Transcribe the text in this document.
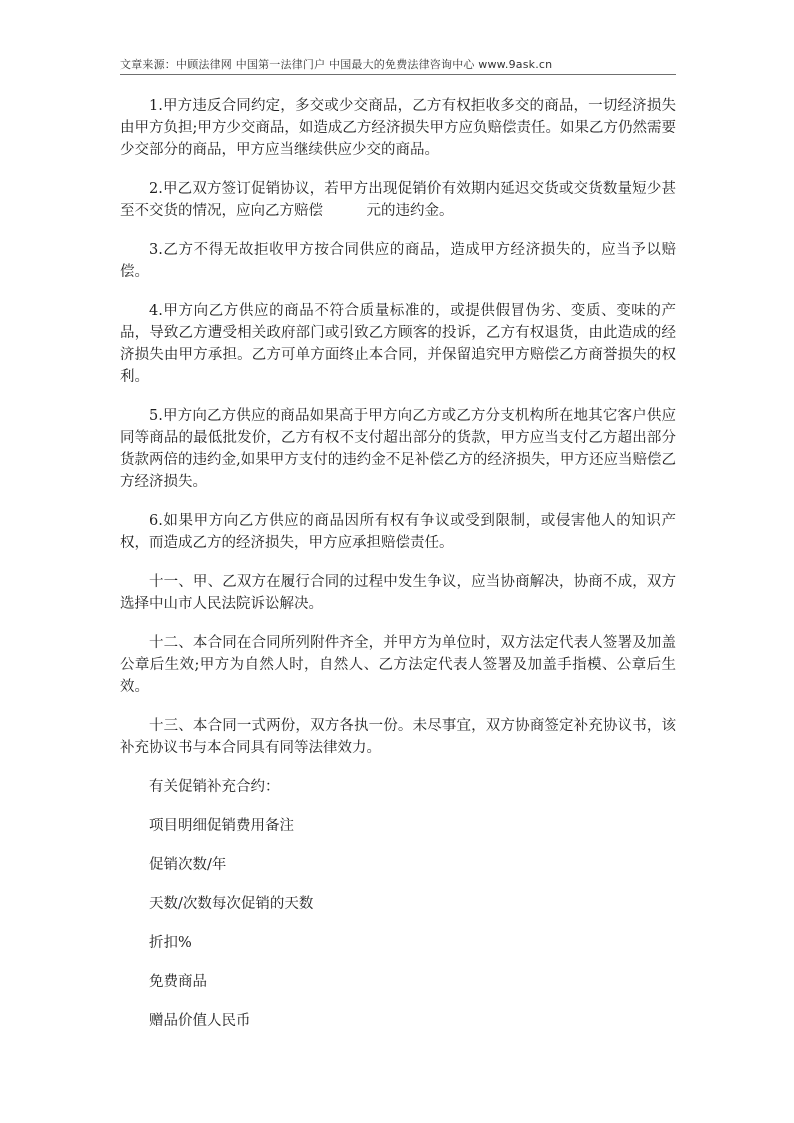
文章来源：中顾法律网 中国第一法律门户 中国最大的免费法律咨询中心 www.9ask.cn

1.甲方违反合同约定，多交或少交商品，乙方有权拒收多交的商品，一切经济损失由甲方负担;甲方少交商品，如造成乙方经济损失甲方应负赔偿责任。如果乙方仍然需要少交部分的商品，甲方应当继续供应少交的商品。

2.甲乙双方签订促销协议，若甲方出现促销价有效期内延迟交货或交货数量短少甚至不交货的情况，应向乙方赔偿　　　元的违约金。

3.乙方不得无故拒收甲方按合同供应的商品，造成甲方经济损失的，应当予以赔偿。

4.甲方向乙方供应的商品不符合质量标准的，或提供假冒伪劣、变质、变味的产品，导致乙方遭受相关政府部门或引致乙方顾客的投诉，乙方有权退货，由此造成的经济损失由甲方承担。乙方可单方面终止本合同，并保留追究甲方赔偿乙方商誉损失的权利。

5.甲方向乙方供应的商品如果高于甲方向乙方或乙方分支机构所在地其它客户供应同等商品的最低批发价，乙方有权不支付超出部分的货款，甲方应当支付乙方超出部分货款两倍的违约金,如果甲方支付的违约金不足补偿乙方的经济损失，甲方还应当赔偿乙方经济损失。

6.如果甲方向乙方供应的商品因所有权有争议或受到限制，或侵害他人的知识产权，而造成乙方的经济损失，甲方应承担赔偿责任。

十一、甲、乙双方在履行合同的过程中发生争议，应当协商解决，协商不成，双方选择中山市人民法院诉讼解决。

十二、本合同在合同所列附件齐全，并甲方为单位时，双方法定代表人签署及加盖公章后生效;甲方为自然人时，自然人、乙方法定代表人签署及加盖手指模、公章后生效。

十三、本合同一式两份，双方各执一份。未尽事宜，双方协商签定补充协议书，该补充协议书与本合同具有同等法律效力。

有关促销补充合约：

项目明细促销费用备注

促销次数/年

天数/次数每次促销的天数

折扣%

免费商品

赠品价值人民币
